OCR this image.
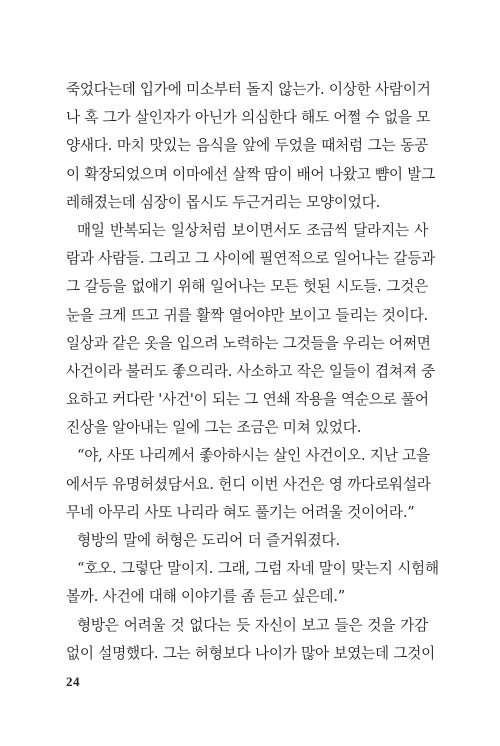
죽었다는데 입가에 미소부터 돌지 않는가. 이상한 사람이거
나 혹 그가 살인자가 아닌가 의심한다 해도 어쩔 수 없을 모
양새다. 마치 맛있는 음식을 앞에 두었을 때처럼 그는 동공
이 확장되었으며 이마에선 살짝 땀이 배어 나왔고 뺨이 발그
레해졌는데 심장이 몹시도 두근거리는 모양이었다.
매일 반복되는 일상처럼 보이면서도 조금씩 달라지는 사
람과 사람들. 그리고 그 사이에 필연적으로 일어나는 갈등과
그 갈등을 없애기 위해 일어나는 모든 헛된 시도들. 그것은
눈을 크게 뜨고 귀를 활짝 열어야만 보이고 들리는 것이다.
일상과 같은 옷을 입으려 노력하는 그것들을 우리는 어쩌면
사건이라 불러도 좋으리라. 사소하고 작은 일들이 겹쳐져 중
요하고 커다란 '사건'이 되는 그 연쇄 작용을 역순으로 풀어
진상을 알아내는 일에 그는 조금은 미쳐 있었다.
“야, 사또 나리께서 좋아하시는 살인 사건이오. 지난 고을
에서두 유명허셨담서요. 헌디 이번 사건은 영 까다로워설라
무네 아무리 사또 나리라 혀도 풀기는 어려울 것이어라.”
형방의 말에 허형은 도리어 더 즐거워졌다.
“호오. 그렇단 말이지. 그래, 그럼 자네 말이 맞는지 시험해
볼까. 사건에 대해 이야기를 좀 듣고 싶은데.”
형방은 어려울 것 없다는 듯 자신이 보고 들은 것을 가감
없이 설명했다. 그는 허형보다 나이가 많아 보였는데 그것이
24
